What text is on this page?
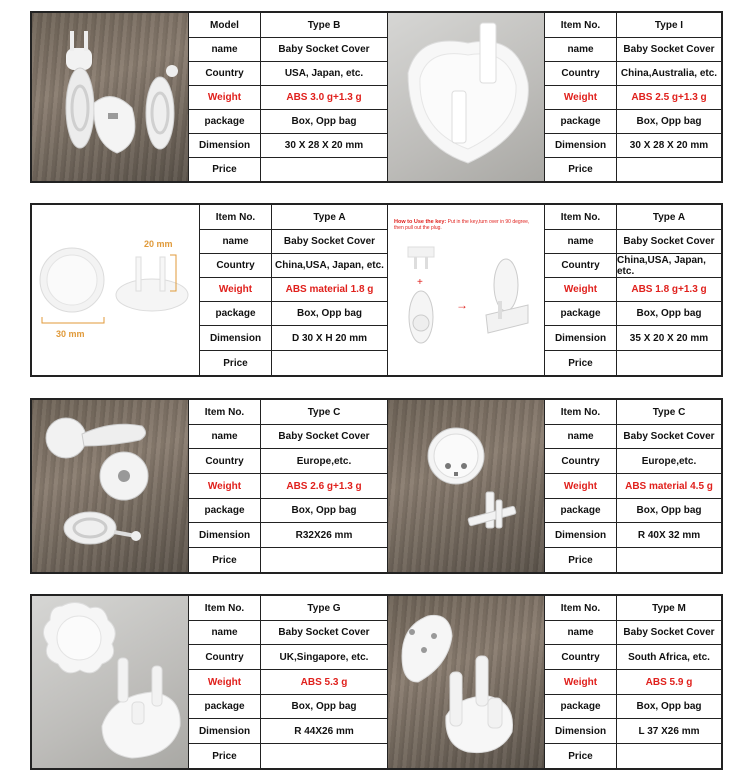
Model	Type B
name	Baby Socket Cover
Country	USA, Japan, etc.
Weight	ABS 3.0 g+1.3 g
package	Box, Opp bag
Dimension	30 X 28 X 20 mm
Price
Item No.	Type I
name	Baby Socket Cover
Country	China,Australia, etc.
Weight	ABS 2.5 g+1.3 g
package	Box, Opp bag
Dimension	30 X 28 X 20 mm
Price
20 mm
30 mm
Item No.	Type A
name	Baby Socket Cover
Country	China,USA, Japan, etc.
Weight	ABS material 1.8 g
package	Box, Opp bag
Dimension	D 30 X H 20 mm
Price
How to Use the key: Put in the key,turn over in 90 degree, then pull out the plug.
+
→
Item No.	Type A
name	Baby Socket Cover
Country	China,USA, Japan, etc.
Weight	ABS 1.8 g+1.3 g
package	Box, Opp bag
Dimension	35 X 20 X 20 mm
Price
Item No.	Type C
name	Baby Socket Cover
Country	Europe,etc.
Weight	ABS 2.6 g+1.3 g
package	Box, Opp bag
Dimension	R32X26 mm
Price
Item No.	Type C
name	Baby Socket Cover
Country	Europe,etc.
Weight	ABS material 4.5 g
package	Box, Opp bag
Dimension	R 40X 32 mm
Price
Item No.	Type G
name	Baby Socket Cover
Country	UK,Singapore, etc.
Weight	ABS 5.3 g
package	Box, Opp bag
Dimension	R 44X26 mm
Price
Item No.	Type M
name	Baby Socket Cover
Country	South Africa, etc.
Weight	ABS 5.9 g
package	Box, Opp bag
Dimension	L 37 X26 mm
Price
